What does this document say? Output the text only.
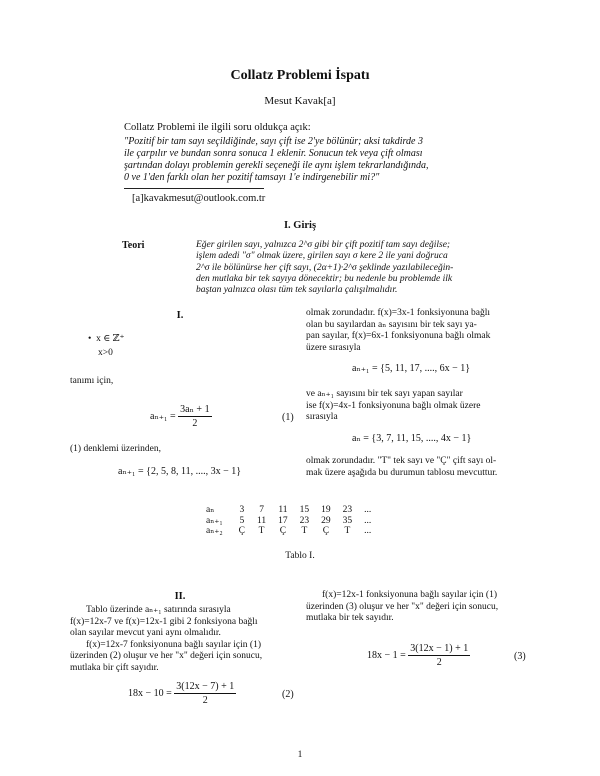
Collatz Problemi İspatı
Mesut Kavak[a]
Collatz Problemi ile ilgili soru oldukça açık:
"Pozitif bir tam sayı seçildiğinde, sayı çift ise 2'ye bölünür; aksi takdirde 3
ile çarpılır ve bundan sonra sonuca 1 eklenir. Sonucun tek veya çift olması
şartından dolayı problemin gerekli seçeneği ile aynı işlem tekrarlandığında,
0 ve 1'den farklı olan her pozitif tamsayı 1'e indirgenebilir mi?"
[a]kavakmesut@outlook.com.tr
I. Giriş
Teori	Eğer girilen sayı, yalnızca 2^σ gibi bir çift pozitif tam sayı değilse;
işlem adedi "σ" olmak üzere, girilen sayı σ kere 2 ile yani doğruca
2^σ ile bölünürse her çift sayı, (2α+1)·2^σ şeklinde yazılabileceğin-
den mutlaka bir tek sayıya dönecektir; bu nedenle bu problemde ilk
baştan yalnızca olası tüm tek sayılarla çalışılmalıdır.
I.
•  x ∈ ℤ⁺
x>0
tanımı için,
$a_{n+1} = \frac{\text{3aₙ + 1}}{2}$	(1)
(1) denklemi üzerinden,
aₙ₊₁ = {2, 5, 8, 11, ...., 3x − 1}
olmak zorundadır. f(x)=3x-1 fonksiyonuna bağlı
olan bu sayılardan aₙ sayısını bir tek sayı ya-
pan sayılar, f(x)=6x-1 fonksiyonuna bağlı olmak
üzere sırasıyla
aₙ₊₁ = {5, 11, 17, ...., 6x − 1}
ve aₙ₊₁ sayısını bir tek sayı yapan sayılar
ise f(x)=4x-1 fonksiyonuna bağlı olmak üzere
sırasıyla
aₙ = {3, 7, 11, 15, ...., 4x − 1}
olmak zorundadır. "T" tek sayı ve "Ç" çift sayı ol-
mak üzere aşağıda bu durumun tablosu mevcuttur.
aₙ	3	7	11	15	19	23	...
aₙ₊₁	5	11	17	23	29	35	...
aₙ₊₂	Ç	T	Ç	T	Ç	T	...
Tablo I.
II.
Tablo üzerinde aₙ₊₁ satırında sırasıyla
f(x)=12x-7 ve f(x)=12x-1 gibi 2 fonksiyona bağlı
olan sayılar mevcut yani aynı olmalıdır.
f(x)=12x-7 fonksiyonuna bağlı sayılar için (1)
üzerinden (2) oluşur ve her "x" değeri için sonucu,
mutlaka bir çift sayıdır.
$18x - 10 = \frac{3(12x - 7) + 1}{2}$	(2)
f(x)=12x-1 fonksiyonuna bağlı sayılar için (1)
üzerinden (3) oluşur ve her "x" değeri için sonucu,
mutlaka bir tek sayıdır.
$18x - 1 = \frac{3(12x - 1) + 1}{2}$	(3)
1
